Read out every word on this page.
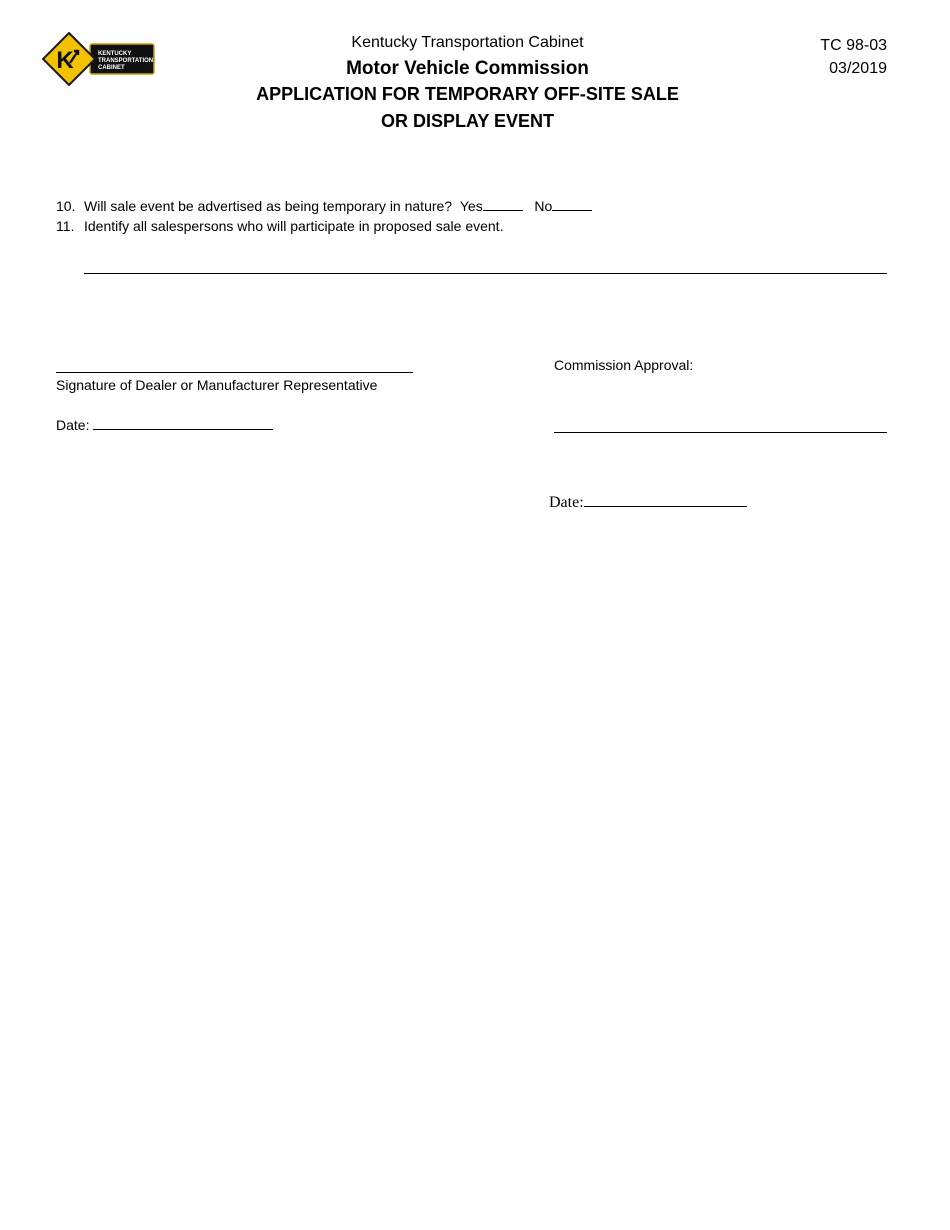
K	KENTUCKY
TRANSPORTATION
CABINET
Kentucky Transportation Cabinet
Motor Vehicle Commission
APPLICATION FOR TEMPORARY OFF-SITE SALE
OR DISPLAY EVENT
TC 98-03
03/2019
10. Will sale event be advertised as being temporary in nature? Yes	No
11. Identify all salespersons who will participate in proposed sale event.
Signature of Dealer or Manufacturer Representative
Date:
Commission Approval:
Date:
